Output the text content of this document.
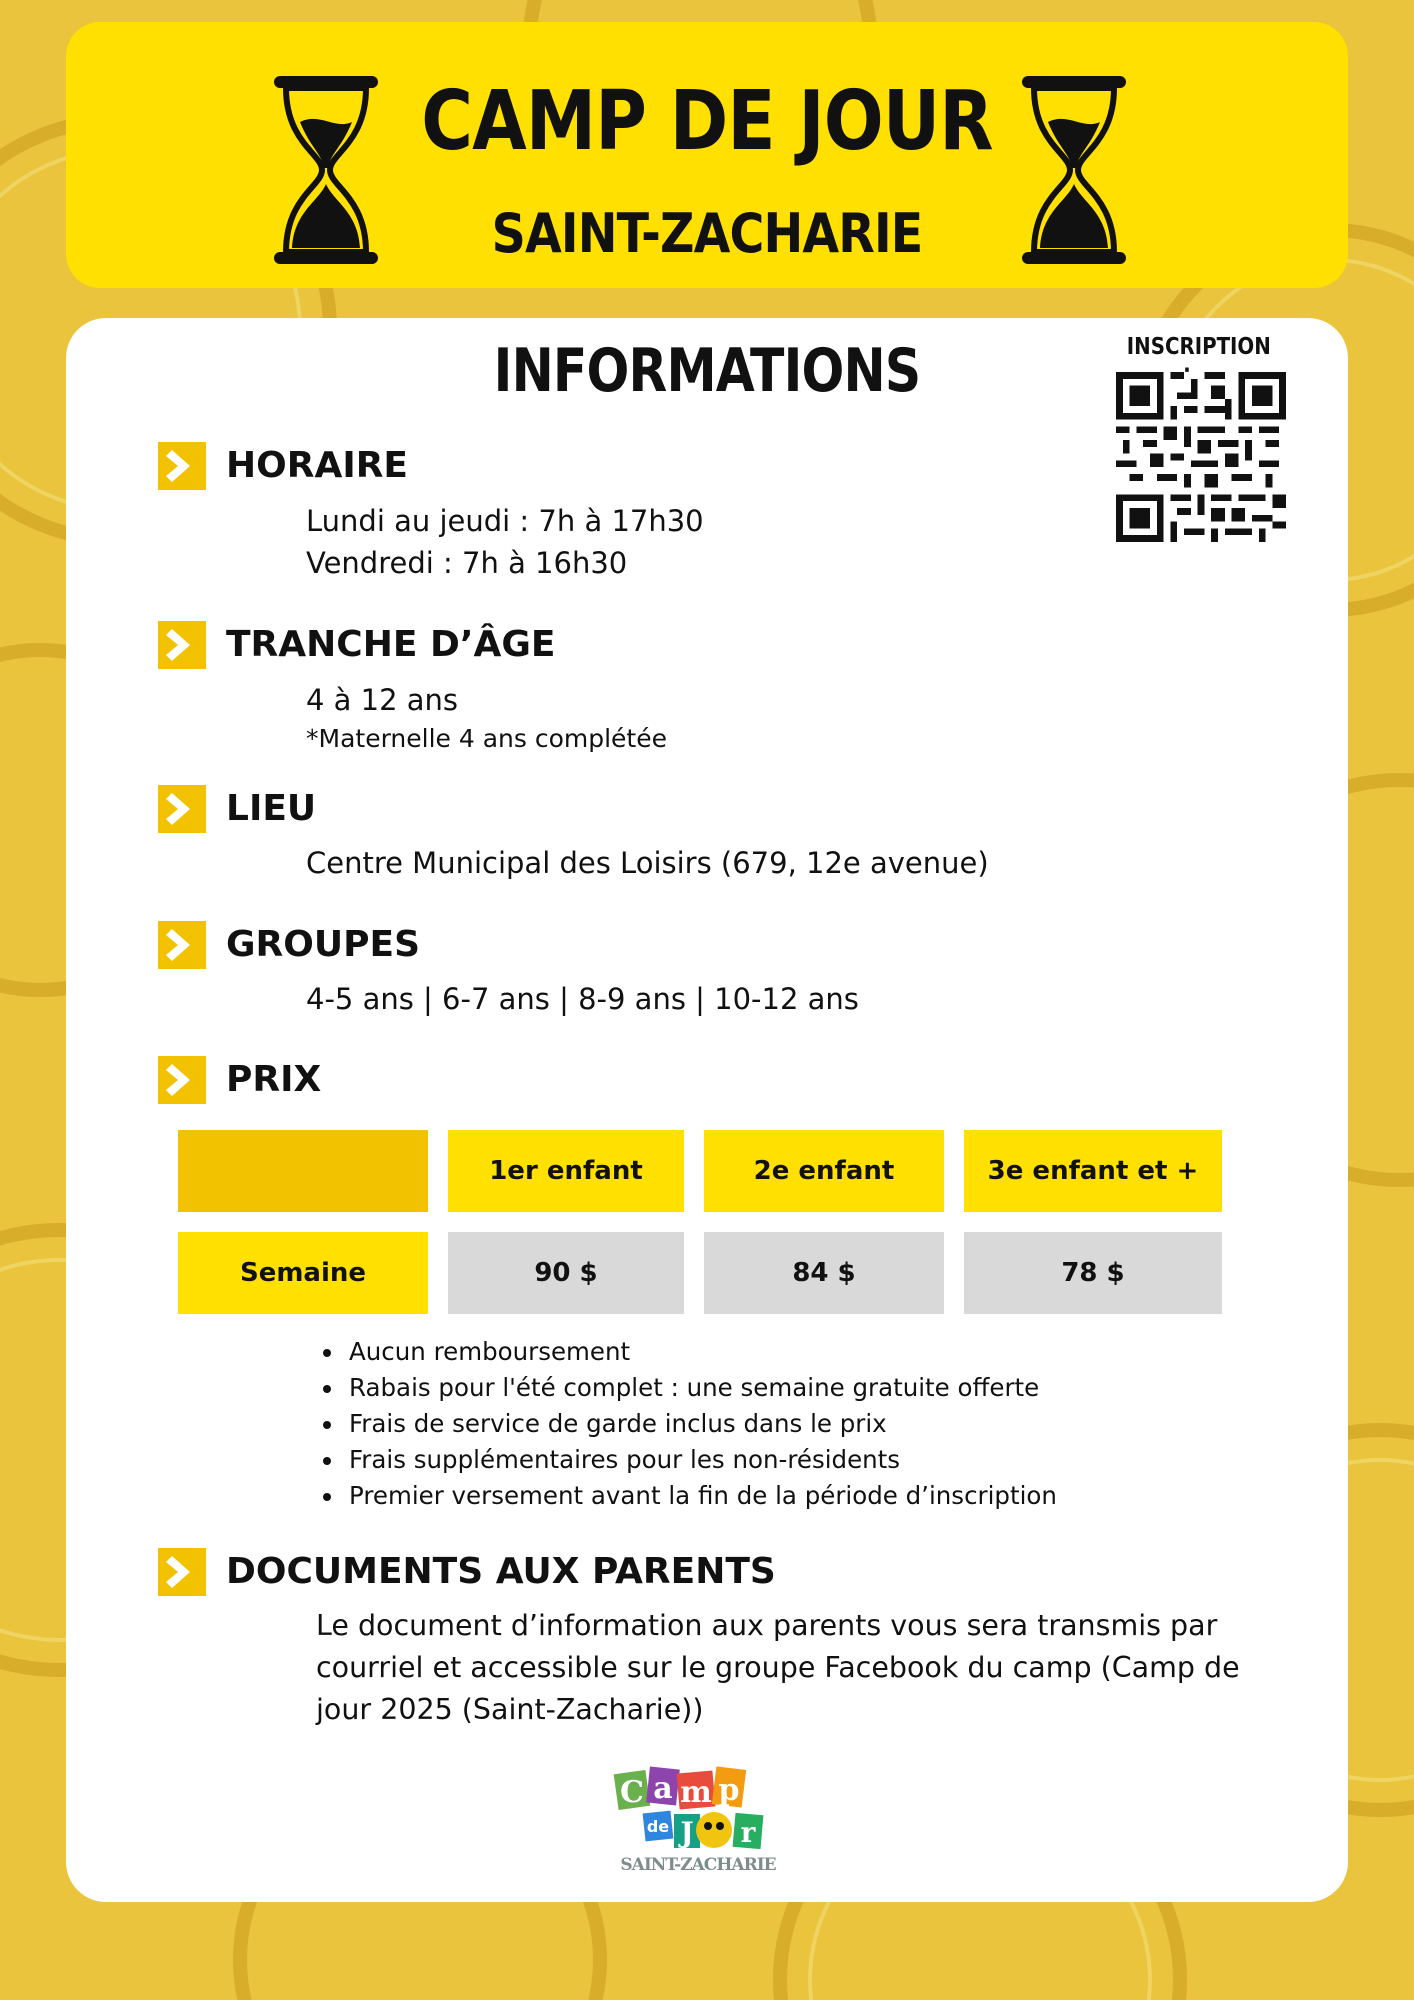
CAMP DE JOUR
SAINT-ZACHARIE
INFORMATIONS	INSCRIPTION
HORAIRE
Lundi au jeudi : 7h à 17h30
Vendredi : 7h à 16h30
TRANCHE D’ÂGE
4 à 12 ans
*Maternelle 4 ans complétée
LIEU
Centre Municipal des Loisirs (679, 12e avenue)
GROUPES
4-5 ans | 6-7 ans | 8-9 ans | 10-12 ans
PRIX
	1er enfant	2e enfant	3e enfant et +
Semaine	90 $	84 $	78 $
• Aucun remboursement
• Rabais pour l'été complet : une semaine gratuite offerte
• Frais de service de garde inclus dans le prix
• Frais supplémentaires pour les non-résidents
• Premier versement avant la fin de la période d’inscription
DOCUMENTS AUX PARENTS
Le document d’information aux parents vous sera transmis par courriel et accessible sur le groupe Facebook du camp (Camp de jour 2025 (Saint-Zacharie))
C a m p
de J r
SAINT-ZACHARIE
